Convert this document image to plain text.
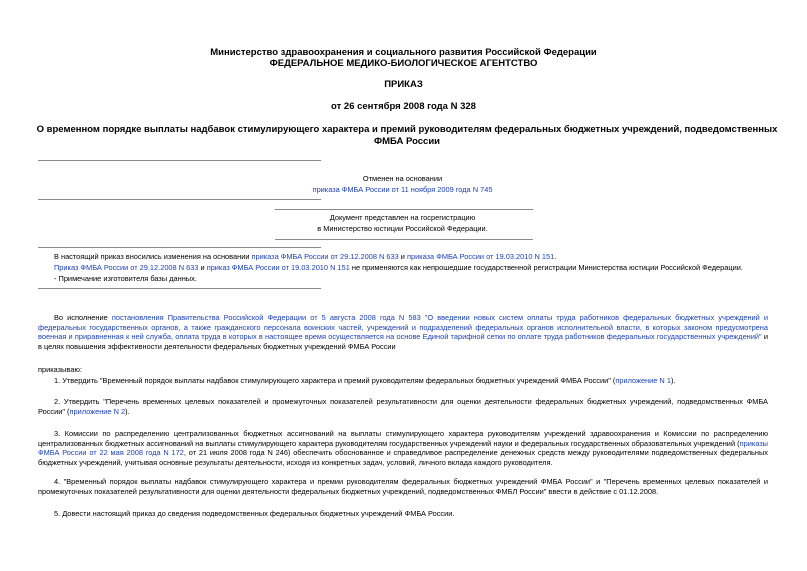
Министерство здравоохранения и социального развития Российской Федерации
ФЕДЕРАЛЬНОЕ МЕДИКО-БИОЛОГИЧЕСКОЕ АГЕНТСТВО
ПРИКАЗ
от 26 сентября 2008 года N 328
О временном порядке выплаты надбавок стимулирующего характера и премий руководителям федеральных бюджетных учреждений, подведомственных ФМБА России
Отменен на основании
приказа ФМБА России от 11 ноября 2009 года N 745
Документ представлен на госрегистрацию
в Министерство юстиции Российской Федерации.
В настоящий приказ вносились изменения на основании приказа ФМБА России от 29.12.2008 N 633 и приказа ФМБА России от 19.03.2010 N 151.
Приказ ФМБА России от 29.12.2008 N 633 и приказ ФМБА России от 19.03.2010 N 151 не применяются как непрошедшие государственной регистрации Министерства юстиции Российской Федерации.
- Примечание изготовителя базы данных.
Во исполнение постановления Правительства Российской Федерации от 5 августа 2008 года N 583 "О введении новых систем оплаты труда работников федеральных бюджетных учреждений и федеральных государственных органов, а также гражданского персонала воинских частей, учреждений и подразделений федеральных органов исполнительной власти, в которых законом предусмотрена военная и приравненная к ней служба, оплата труда в которых в настоящее время осуществляется на основе Единой тарифной сетки по оплате труда работников федеральных государственных учреждений" и в целях повышения эффективности деятельности федеральных бюджетных учреждений ФМБА России
приказываю:
1. Утвердить "Временный порядок выплаты надбавок стимулирующего характера и премий руководителям федеральных бюджетных учреждений ФМБА России" (приложение N 1).
2. Утвердить "Перечень временных целевых показателей и промежуточных показателей результативности для оценки деятельности федеральных бюджетных учреждений, подведомственных ФМБА России" (приложение N 2).
3. Комиссии по распределению централизованных бюджетных ассигнований на выплаты стимулирующего характера руководителям учреждений здравоохранения и Комиссии по распределению централизованных бюджетных ассигнований на выплаты стимулирующего характера руководителям государственных учреждений науки и федеральных государственных образовательных учреждений (приказы ФМБА России от 22 мая 2008 года N 172, от 21 июля 2008 года N 246) обеспечить обоснованное и справедливое распределение денежных средств между руководителями подведомственных федеральных бюджетных учреждений, учитывая основные результаты деятельности, исходя из конкретных задач, условий, личного вклада каждого руководителя.
4. "Временный порядок выплаты надбавок стимулирующего характера и премии руководителям федеральных бюджетных учреждений ФМБА России" и "Перечень временных целевых показателей и промежуточных показателей результативности для оценки деятельности федеральных бюджетных учреждений, подведомственных ФМБЛ России" ввести в действие с 01.12.2008.
5. Довести настоящий приказ до сведения подведомственных федеральных бюджетных учреждений ФМБА России.
